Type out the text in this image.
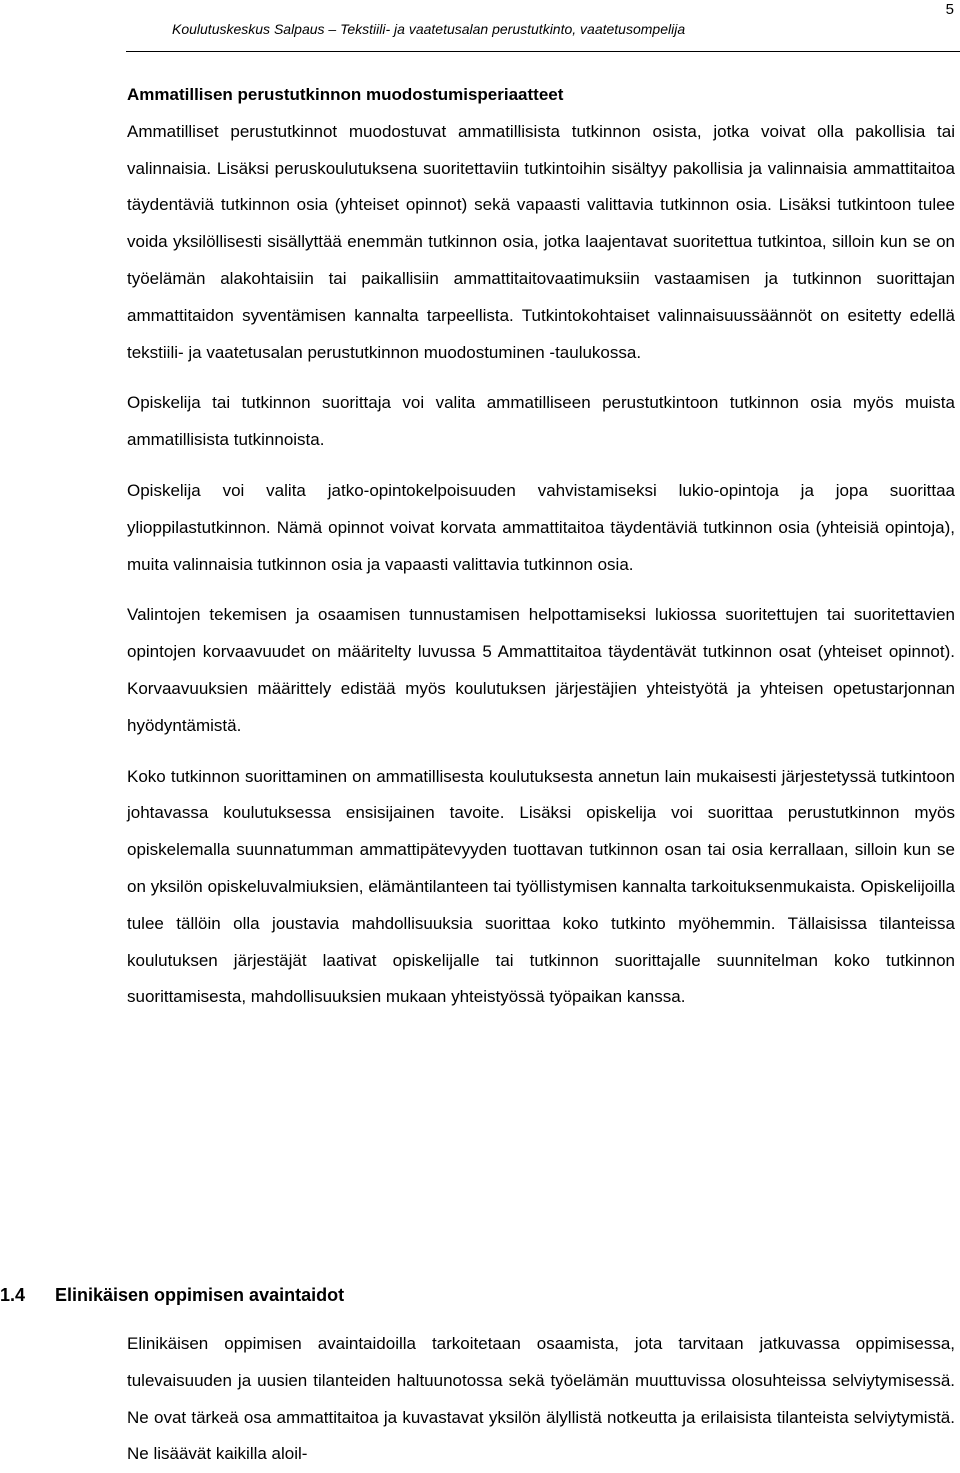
Koulutuskeskus Salpaus – Tekstiili- ja vaatetusalan perustutkinto, vaatetusompelija
5
Ammatillisen perustutkinnon muodostumisperiaatteet

Ammatilliset perustutkinnot muodostuvat ammatillisista tutkinnon osista, jotka voivat olla pakollisia tai valinnaisia. Lisäksi peruskoulutuksena suoritettaviin tutkintoihin sisältyy pakollisia ja valinnaisia ammattitaitoa täydentäviä tutkinnon osia (yhteiset opinnot) sekä vapaasti valittavia tutkinnon osia. Lisäksi tutkintoon tulee voida yksilöllisesti sisällyttää enemmän tutkinnon osia, jotka laajentavat suoritettua tutkintoa, silloin kun se on työelämän alakohtaisiin tai paikallisiin ammattitaitovaatimuksiin vastaamisen ja tutkinnon suorittajan ammattitaidon syventämisen kannalta tarpeellista. Tutkintokohtaiset valinnaisuussäännöt on esitetty edellä tekstiili- ja vaatetusalan perustutkinnon muodostuminen -taulukossa.

Opiskelija tai tutkinnon suorittaja voi valita ammatilliseen perustutkintoon tutkinnon osia myös muista ammatillisista tutkinnoista.

Opiskelija voi valita jatko-opintokelpoisuuden vahvistamiseksi lukio-opintoja ja jopa suorittaa ylioppilastutkinnon. Nämä opinnot voivat korvata ammattitaitoa täydentäviä tutkinnon osia (yhteisiä opintoja), muita valinnaisia tutkinnon osia ja vapaasti valittavia tutkinnon osia.

Valintojen tekemisen ja osaamisen tunnustamisen helpottamiseksi lukiossa suoritettujen tai suoritettavien opintojen korvaavuudet on määritelty luvussa 5 Ammattitaitoa täydentävät tutkinnon osat (yhteiset opinnot). Korvaavuuksien määrittely edistää myös koulutuksen järjestäjien yhteistyötä ja yhteisen opetustarjonnan hyödyntämistä.

Koko tutkinnon suorittaminen on ammatillisesta koulutuksesta annetun lain mukaisesti järjestetyssä tutkintoon johtavassa koulutuksessa ensisijainen tavoite. Lisäksi opiskelija voi suorittaa perustutkinnon myös opiskelemalla suunnatumman ammattipätevyyden tuottavan tutkinnon osan tai osia kerrallaan, silloin kun se on yksilön opiskeluvalmiuksien, elämäntilanteen tai työllistymisen kannalta tarkoituksenmukaista. Opiskelijoilla tulee tällöin olla joustavia mahdollisuuksia suorittaa koko tutkinto myöhemmin. Tällaisissa tilanteissa koulutuksen järjestäjät laativat opiskelijalle tai tutkinnon suorittajalle suunnitelman koko tutkinnon suorittamisesta, mahdollisuuksien mukaan yhteistyössä työpaikan kanssa.

1.4 Elinikäisen oppimisen avaintaidot

Elinikäisen oppimisen avaintaidoilla tarkoitetaan osaamista, jota tarvitaan jatkuvassa oppimisessa, tulevaisuuden ja uusien tilanteiden haltuunotossa sekä työelämän muuttuvissa olosuhteissa selviytymisessä. Ne ovat tärkeä osa ammattitaitoa ja kuvastavat yksilön älyllistä notkeutta ja erilaisista tilanteista selviytymistä. Ne lisäävät kaikilla aloil-
